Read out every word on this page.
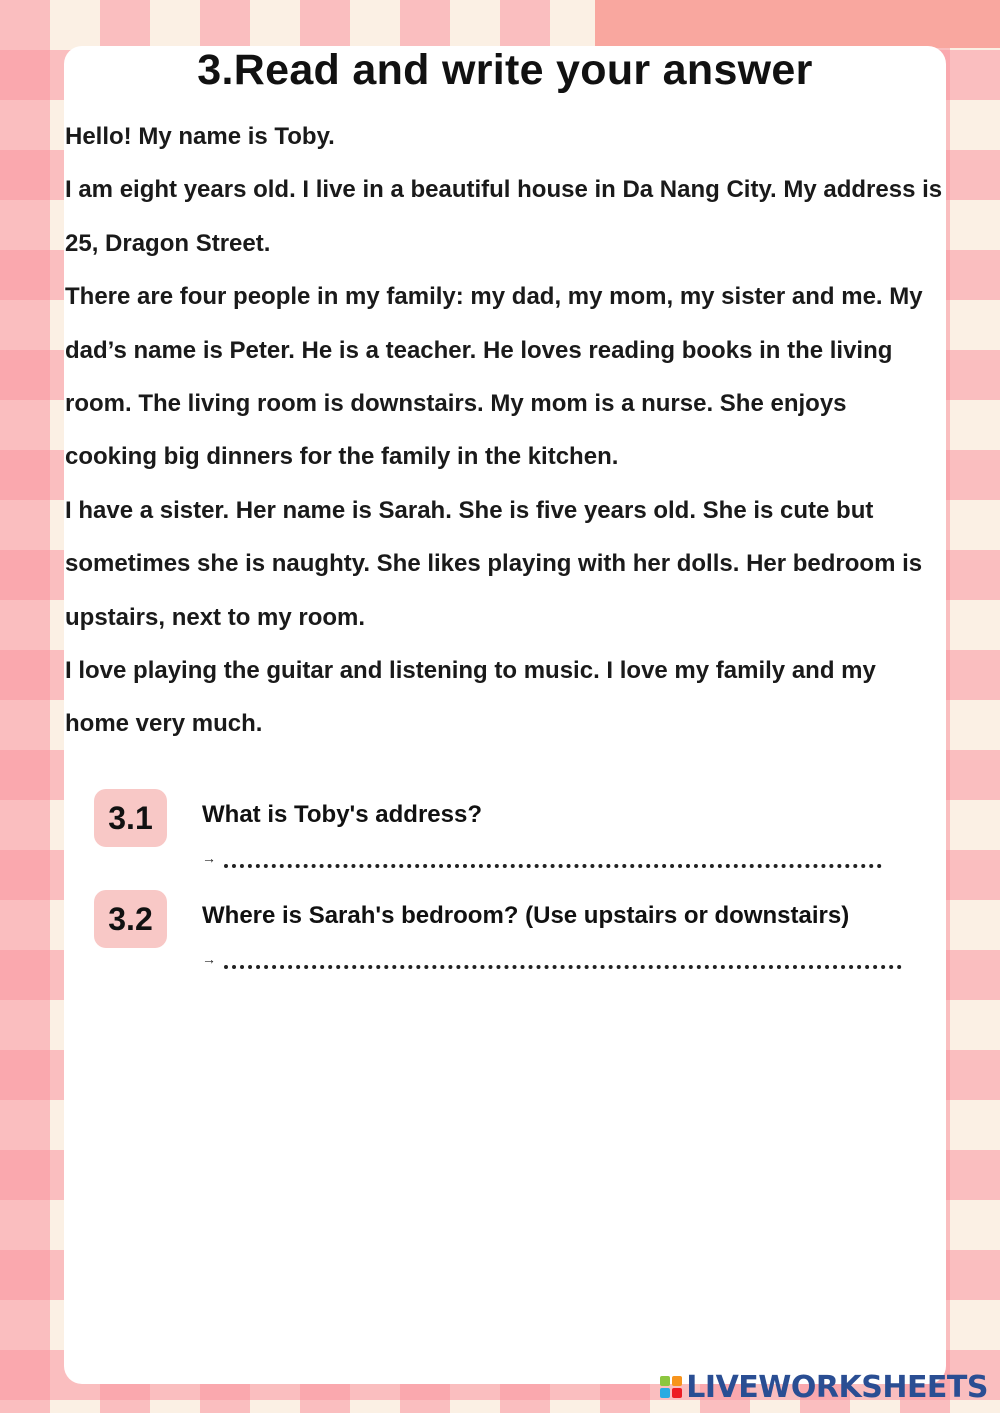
3.Read and write your answer

Hello! My name is Toby.

I am eight years old. I live in a beautiful house in Da Nang City. My address is 25, Dragon Street.

There are four people in my family: my dad, my mom, my sister and me. My dad’s name is Peter. He is a teacher. He loves reading books in the living room. The living room is downstairs. My mom is a nurse. She enjoys cooking big dinners for the family in the kitchen.

I have a sister. Her name is Sarah. She is five years old. She is cute but sometimes she is naughty. She likes playing with her dolls. Her bedroom is upstairs, next to my room.

I love playing the guitar and listening to music. I love my family and my home very much.

3.1	What is Toby's address?
→
3.2	Where is Sarah's bedroom? (Use upstairs or downstairs)
→
LIVEWORKSHEETS
